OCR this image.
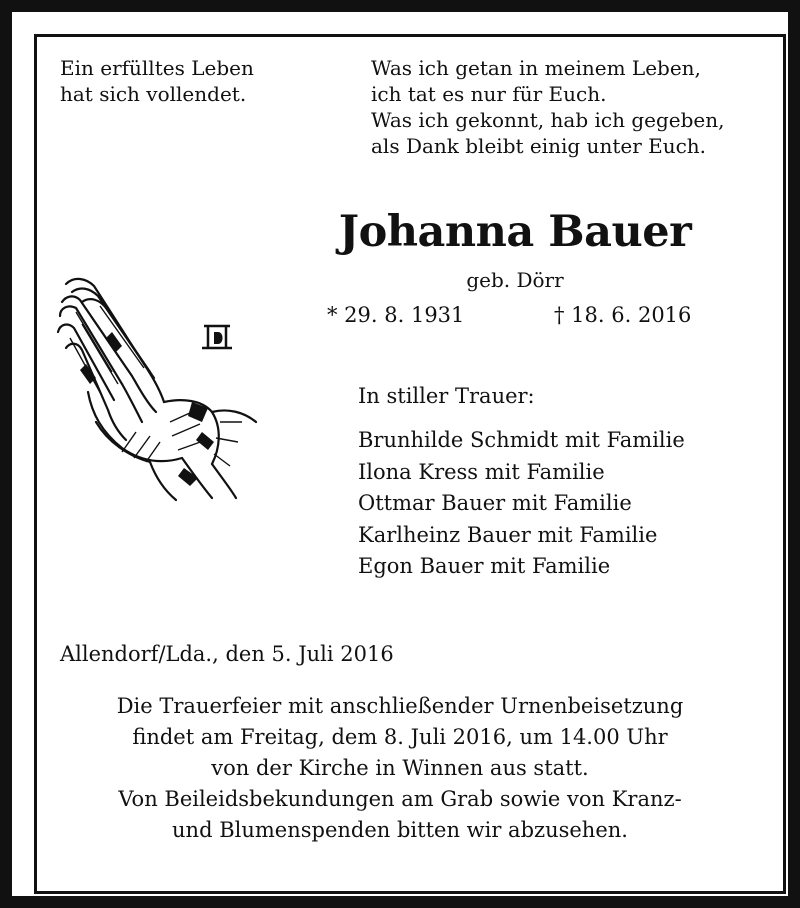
Ein erfülltes Leben
hat sich vollendet.
Was ich getan in meinem Leben,
ich tat es nur für Euch.
Was ich gekonnt, hab ich gegeben,
als Dank bleibt einig unter Euch.
Johanna Bauer
geb. Dörr
* 29. 8. 1931	† 18. 6. 2016
In stiller Trauer:
Brunhilde Schmidt mit Familie
Ilona Kress mit Familie
Ottmar Bauer mit Familie
Karlheinz Bauer mit Familie
Egon Bauer mit Familie
Allendorf/Lda., den 5. Juli 2016
Die Trauerfeier mit anschließender Urnenbeisetzung
findet am Freitag, dem 8. Juli 2016, um 14.00 Uhr
von der Kirche in Winnen aus statt.
Von Beileidsbekundungen am Grab sowie von Kranz-
und Blumenspenden bitten wir abzusehen.
